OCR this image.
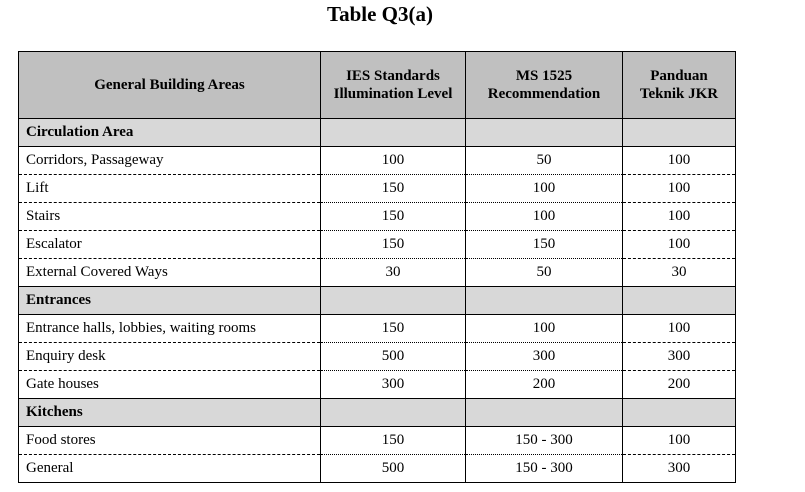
Table Q3(a)
General Building Areas	IES Standards Illumination Level	MS 1525 Recommendation	Panduan Teknik JKR
Circulation Area			
Corridors, Passageway	100	50	100
Lift	150	100	100
Stairs	150	100	100
Escalator	150	150	100
External Covered Ways	30	50	30
Entrances			
Entrance halls, lobbies, waiting rooms	150	100	100
Enquiry desk	500	300	300
Gate houses	300	200	200
Kitchens			
Food stores	150	150 - 300	100
General	500	150 - 300	300
